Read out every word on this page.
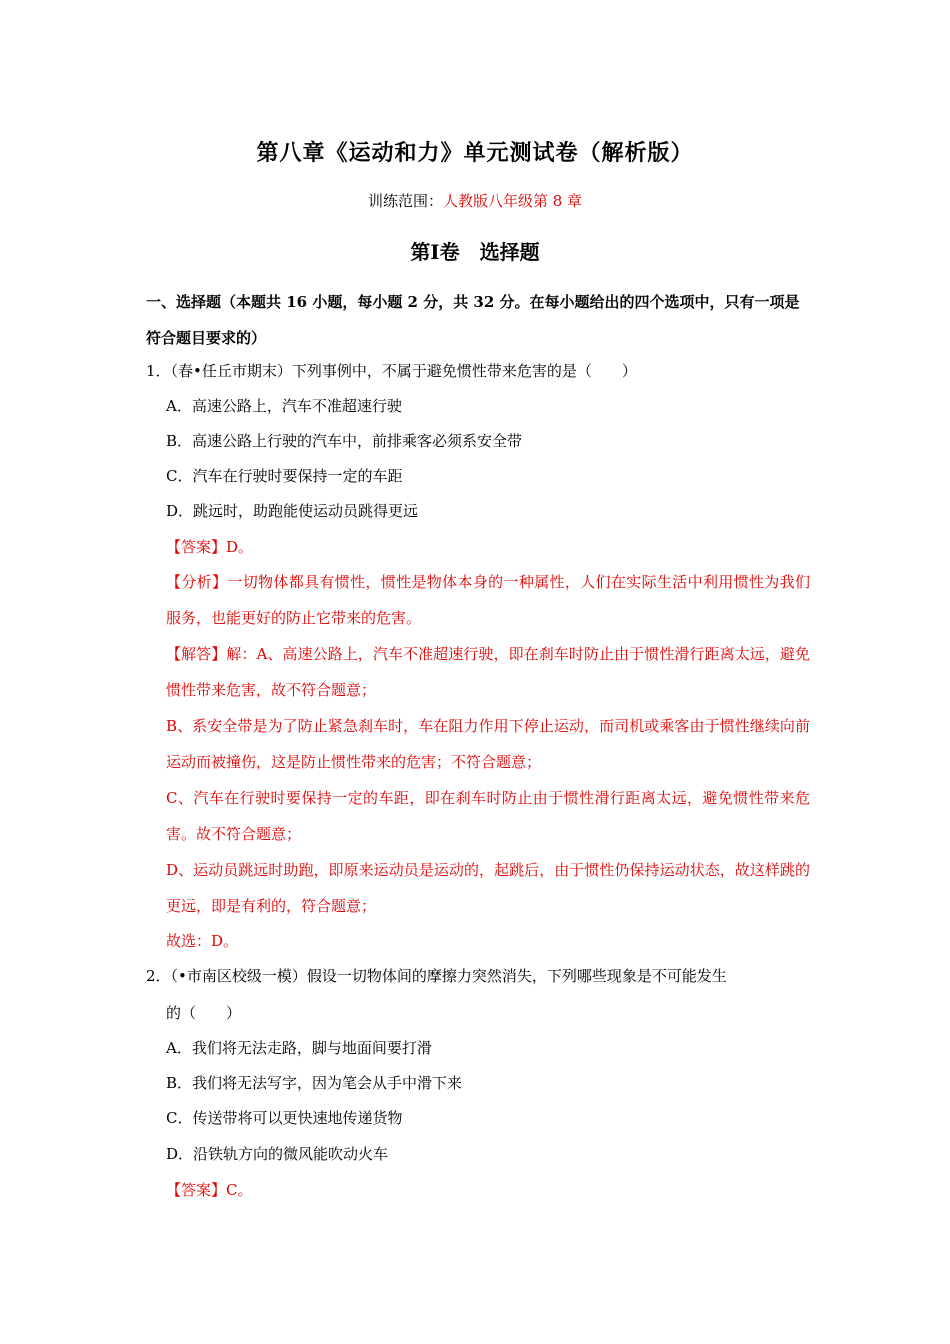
第八章《运动和力》单元测试卷（解析版）
训练范围：人教版八年级第 8 章
第Ⅰ卷　选择题
一、选择题（本题共 16 小题，每小题 2 分，共 32 分。在每小题给出的四个选项中，只有一项是符合题目要求的）
1．（春•任丘市期末）下列事例中，不属于避免惯性带来危害的是（　　）
A．高速公路上，汽车不准超速行驶
B．高速公路上行驶的汽车中，前排乘客必须系安全带
C．汽车在行驶时要保持一定的车距
D．跳远时，助跑能使运动员跳得更远
【答案】D。
【分析】一切物体都具有惯性，惯性是物体本身的一种属性，人们在实际生活中利用惯性为我们服务，也能更好的防止它带来的危害。
【解答】解：A、高速公路上，汽车不准超速行驶，即在刹车时防止由于惯性滑行距离太远，避免惯性带来危害，故不符合题意；
B、系安全带是为了防止紧急刹车时，车在阻力作用下停止运动，而司机或乘客由于惯性继续向前运动而被撞伤，这是防止惯性带来的危害；不符合题意；
C、汽车在行驶时要保持一定的车距，即在刹车时防止由于惯性滑行距离太远，避免惯性带来危害。故不符合题意；
D、运动员跳远时助跑，即原来运动员是运动的，起跳后，由于惯性仍保持运动状态，故这样跳的更远，即是有利的，符合题意；
故选：D。
2．（•市南区校级一模）假设一切物体间的摩擦力突然消失，下列哪些现象是不可能发生
的（　　）
A．我们将无法走路，脚与地面间要打滑
B．我们将无法写字，因为笔会从手中滑下来
C．传送带将可以更快速地传递货物
D．沿铁轨方向的微风能吹动火车
【答案】C。
